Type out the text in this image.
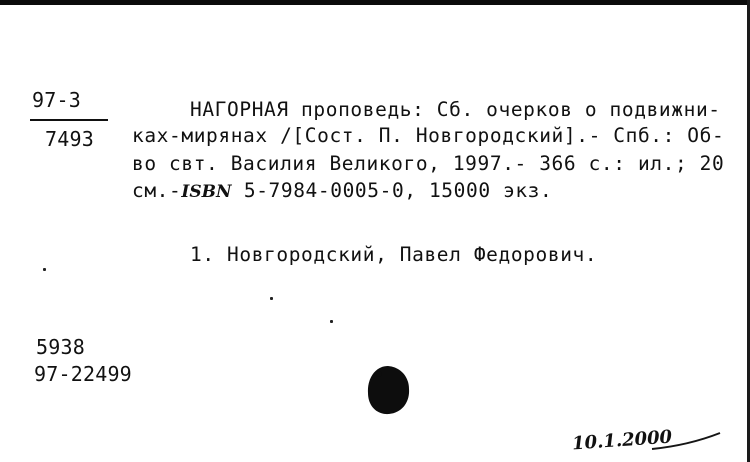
97-3
7493
НАГОРНАЯ проповедь: Сб. очерков о подвижни-
ках-мирянах /[Сост. П. Новгородский].- Спб.: Об-
во свт. Василия Великого, 1997.- 366 с.: ил.; 20
см.-ISBN 5-7984-0005-0, 15000 экз.
1. Новгородский, Павел Федорович.
5938
97-22499
10.1.2000
